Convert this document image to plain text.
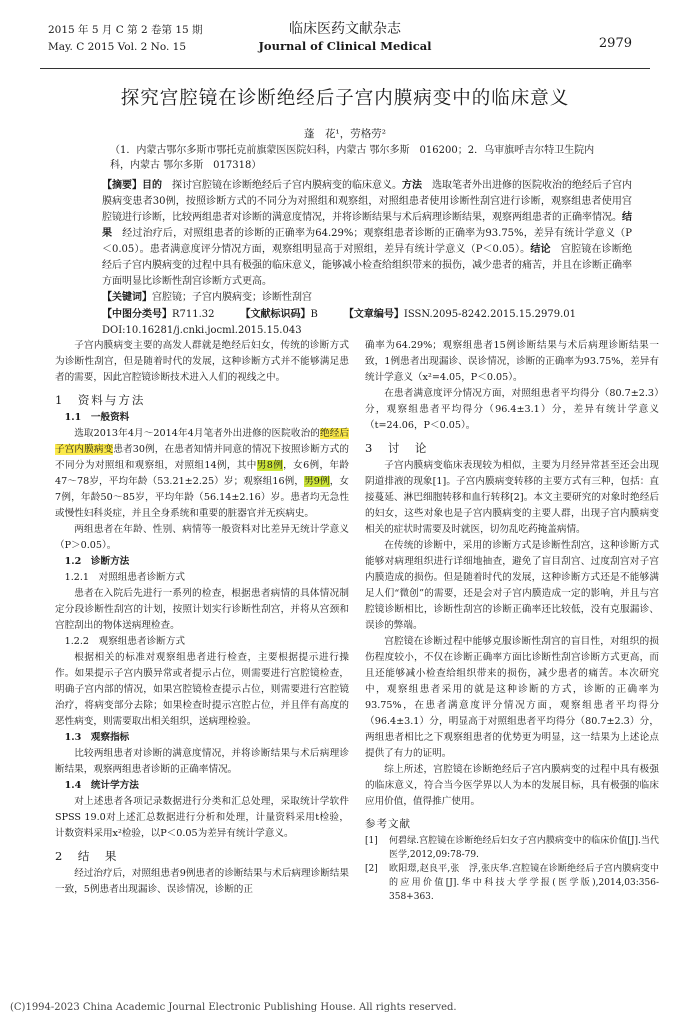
2015 年 5 月 C 第 2 卷第 15 期
May. C 2015 Vol. 2 No. 15
临床医药文献杂志
Journal of Clinical Medical	2979
探究宫腔镜在诊断绝经后子宫内膜病变中的临床意义
蓬　花¹，劳格劳²
（1．内蒙古鄂尔多斯市鄂托克前旗蒙医医院妇科，内蒙古 鄂尔多斯　016200；2．乌审旗呼吉尔特卫生院内科，内蒙古 鄂尔多斯　017318）
【摘要】目的　探讨宫腔镜在诊断绝经后子宫内膜病变的临床意义。方法　选取笔者外出进修的医院收治的绝经后子宫内膜病变患者30例，按照诊断方式的不同分为对照组和观察组，对照组患者使用诊断性刮宫进行诊断，观察组患者使用宫腔镜进行诊断，比较两组患者对诊断的满意度情况，并将诊断结果与术后病理诊断结果，观察两组患者的正确率情况。结果　经过治疗后，对照组患者的诊断的正确率为64.29%；观察组患者诊断的正确率为93.75%，差异有统计学意义（P＜0.05）。患者满意度评分情况方面，观察组明显高于对照组，差异有统计学意义（P＜0.05）。结论　宫腔镜在诊断绝经后子宫内膜病变的过程中具有极强的临床意义，能够减小检查给组织带来的损伤，减少患者的痛苦，并且在诊断正确率方面明显比诊断性刮宫诊断方式更高。
【关键词】宫腔镜；子宫内膜病变；诊断性刮宫
【中图分类号】R711.32	【文献标识码】B	【文章编号】ISSN.2095-8242.2015.15.2979.01
DOI:10.16281/j.cnki.jocml.2015.15.043

子宫内膜病变主要的高发人群就是绝经后妇女，传统的诊断方式为诊断性刮宫，但是随着时代的发展，这种诊断方式并不能够满足患者的需要，因此宫腔镜诊断技术进入人们的视线之中。

1　资料与方法

1.1　一般资料

选取2013年4月～2014年4月笔者外出进修的医院收治的绝经后子宫内膜病变患者30例，在患者知情并同意的情况下按照诊断方式的不同分为对照组和观察组，对照组14例，其中男8例，女6例，年龄47～78岁，平均年龄（53.21±2.25）岁；观察组16例，男9例，女7例，年龄50～85岁，平均年龄（56.14±2.16）岁。患者均无急性或慢性妇科炎症，并且全身系统和重要的脏器官并无疾病史。

两组患者在年龄、性别、病情等一般资料对比差异无统计学意义（P＞0.05）。

1.2　诊断方法

1.2.1　对照组患者诊断方式

患者在入院后先进行一系列的检查，根据患者病情的具体情况制定分段诊断性刮宫的计划，按照计划实行诊断性刮宫，并将从宫颈和宫腔刮出的物体送病理检查。

1.2.2　观察组患者诊断方式

根据相关的标准对观察组患者进行检查，主要根据提示进行操作。如果提示子宫内膜异常或者提示占位，则需要进行宫腔镜检查，明确子宫内部的情况，如果宫腔镜检查提示占位，则需要进行宫腔镜治疗，将病变部分去除；如果检查时提示宫腔占位，并且伴有高度的恶性病变，则需要取出相关组织，送病理检验。

1.3　观察指标

比较两组患者对诊断的满意度情况，并将诊断结果与术后病理诊断结果，观察两组患者诊断的正确率情况。

1.4　统计学方法

对上述患者各项记录数据进行分类和汇总处理，采取统计学软件SPSS 19.0对上述汇总数据进行分析和处理，计量资料采用t检验，计数资料采用x²检验，以P＜0.05为差异有统计学意义。

2　结　果

经过治疗后，对照组患者9例患者的诊断结果与术后病理诊断结果一致，5例患者出现漏诊、误诊情况，诊断的正

确率为64.29%；观察组患者15例诊断结果与术后病理诊断结果一致，1例患者出现漏诊、误诊情况，诊断的正确率为93.75%，差异有统计学意义（x²=4.05，P＜0.05）。

在患者满意度评分情况方面，对照组患者平均得分（80.7±2.3）分，观察组患者平均得分（96.4±3.1）分，差异有统计学意义（t=24.06，P＜0.05）。

3　讨　论

子宫内膜病变临床表现较为相似，主要为月经异常甚至还会出现阴道排液的现象[1]。子宫内膜病变转移的主要方式有三种，包括：直接蔓延、淋巴细胞转移和血行转移[2]。本文主要研究的对象时绝经后的妇女，这些对象也是子宫内膜病变的主要人群，出现子宫内膜病变相关的症状时需要及时就医，切勿乱吃药掩盖病情。

在传统的诊断中，采用的诊断方式是诊断性刮宫，这种诊断方式能够对病理组织进行详细地抽查，避免了盲目刮宫、过度刮宫对子宫内膜造成的损伤。但是随着时代的发展，这种诊断方式还是不能够满足人们“微创”的需要，还是会对子宫内膜造成一定的影响，并且与宫腔镜诊断相比，诊断性刮宫的诊断正确率还比较低，没有克服漏诊、误诊的弊端。

宫腔镜在诊断过程中能够克服诊断性刮宫的盲目性，对组织的损伤程度较小，不仅在诊断正确率方面比诊断性刮宫诊断方式更高，而且还能够减小检查给组织带来的损伤，减少患者的痛苦。本次研究中，观察组患者采用的就是这种诊断的方式，诊断的正确率为93.75%，在患者满意度评分情况方面，观察组患者平均得分（96.4±3.1）分，明显高于对照组患者平均得分（80.7±2.3）分，两组患者相比之下观察组患者的优势更为明显，这一结果为上述论点提供了有力的证明。

综上所述，宫腔镜在诊断绝经后子宫内膜病变的过程中具有极强的临床意义，符合当今医学界以人为本的发展目标，具有极强的临床应用价值，值得推广使用。

参考文献

[1] 何碧绿.宫腔镜在诊断绝经后妇女子宫内膜病变中的临床价值[J].当代医学,2012,09:78-79.

[2] 欧阳璟,赵良平,张　浮,张庆华.宫腔镜在诊断绝经后子宫内膜病变中的应用价值[J].华中科技大学学报(医学版),2014,03:356-358+363.

(C)1994-2023 China Academic Journal Electronic Publishing House. All rights reserved.
